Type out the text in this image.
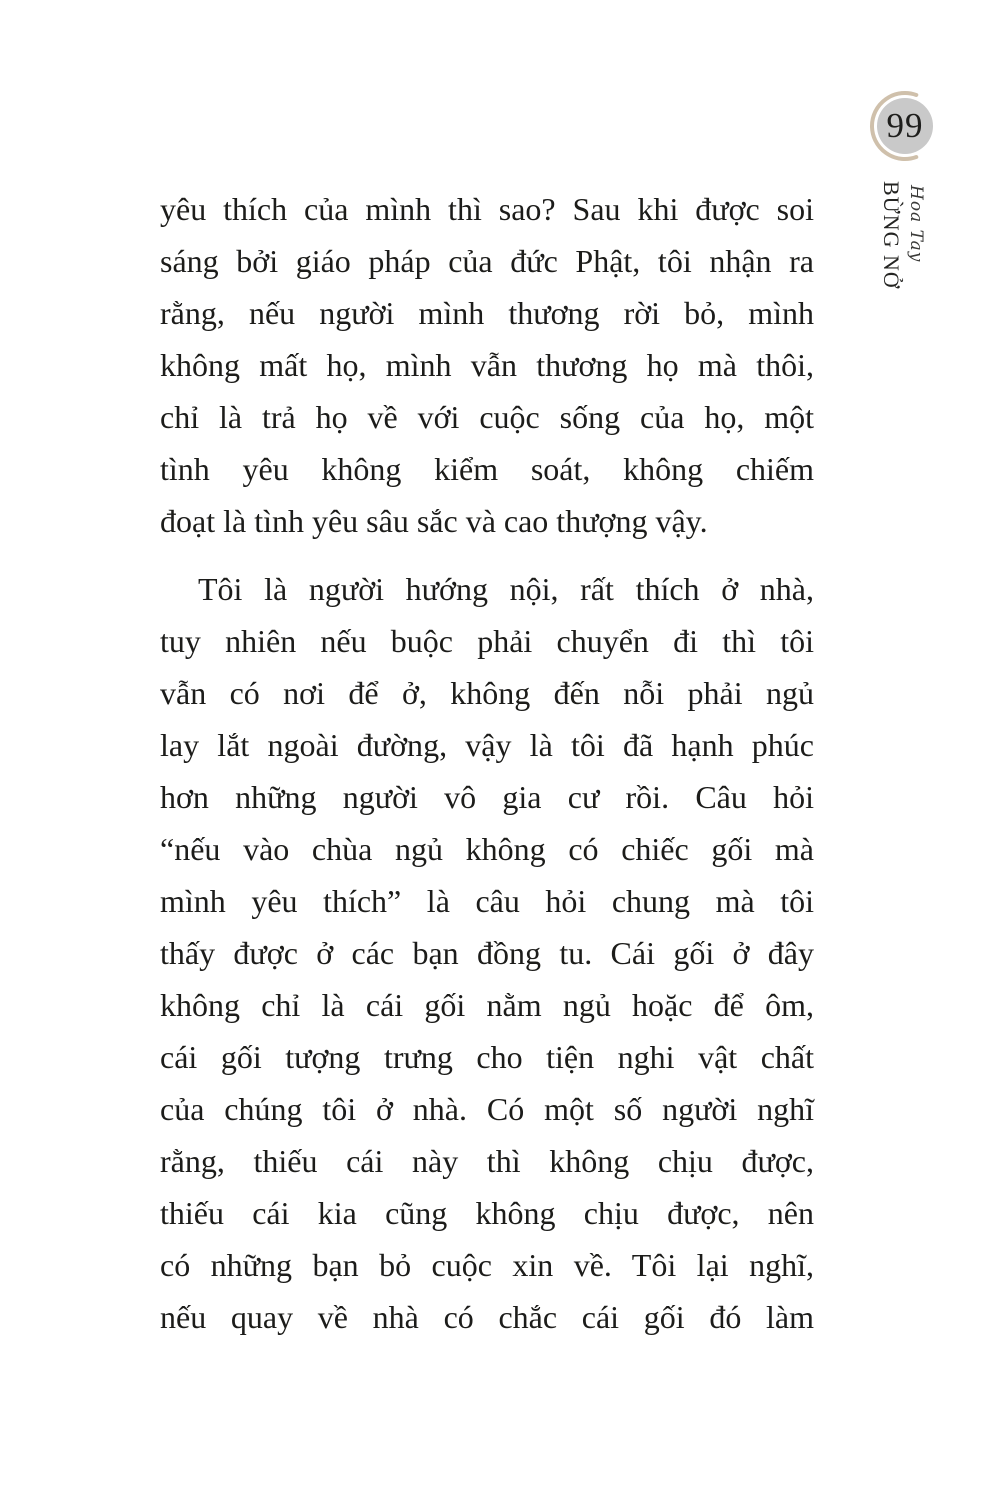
99
Hoa Tay
BỪNG NỞ
yêu thích của mình thì sao? Sau khi được soi
sáng bởi giáo pháp của đức Phật, tôi nhận ra
rằng, nếu người mình thương rời bỏ, mình
không mất họ, mình vẫn thương họ mà thôi,
chỉ là trả họ về với cuộc sống của họ, một
tình yêu không kiểm soát, không chiếm
đoạt là tình yêu sâu sắc và cao thượng vậy.
Tôi là người hướng nội, rất thích ở nhà,
tuy nhiên nếu buộc phải chuyển đi thì tôi
vẫn có nơi để ở, không đến nỗi phải ngủ
lay lắt ngoài đường, vậy là tôi đã hạnh phúc
hơn những người vô gia cư rồi. Câu hỏi
“nếu vào chùa ngủ không có chiếc gối mà
mình yêu thích” là câu hỏi chung mà tôi
thấy được ở các bạn đồng tu. Cái gối ở đây
không chỉ là cái gối nằm ngủ hoặc để ôm,
cái gối tượng trưng cho tiện nghi vật chất
của chúng tôi ở nhà. Có một số người nghĩ
rằng, thiếu cái này thì không chịu được,
thiếu cái kia cũng không chịu được, nên
có những bạn bỏ cuộc xin về. Tôi lại nghĩ,
nếu quay về nhà có chắc cái gối đó làm
